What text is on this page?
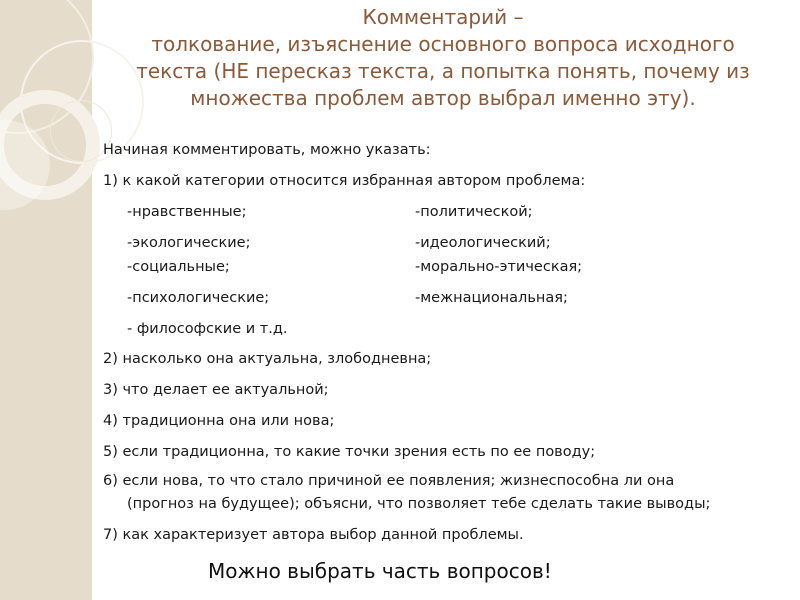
Комментарий –
толкование, изъяснение основного вопроса исходного
текста (НЕ пересказ текста, а попытка понять, почему из
множества проблем автор выбрал именно эту).
Начиная комментировать, можно указать:
1) к какой категории относится избранная автором проблема:
-нравственные;	-политической;
-экологические;	-идеологический;
-социальные;	-морально-этическая;
-психологические;	-межнациональная;
- философские и т.д.
2) насколько она актуальна, злободневна;
3) что делает ее актуальной;
4) традиционна она или нова;
5) если традиционна, то какие точки зрения есть по ее поводу;
6) если нова, то что стало причиной ее появления; жизнеспособна ли она
(прогноз на будущее); объясни, что позволяет тебе сделать такие выводы;
7) как характеризует автора выбор данной проблемы.
Можно выбрать часть вопросов!
